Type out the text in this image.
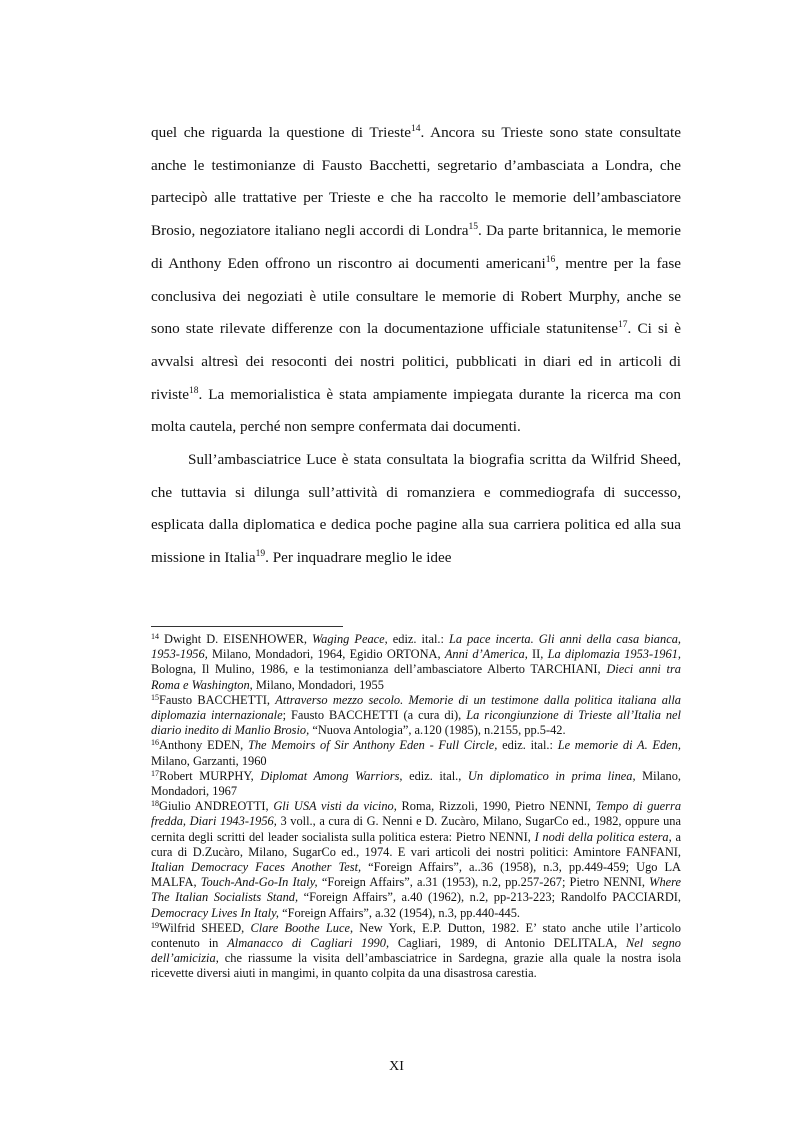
quel che riguarda la questione di Trieste$^{14}$. Ancora su Trieste sono state consultate anche le testimonianze di Fausto Bacchetti, segretario d’ambasciata a Londra, che partecipò alle trattative per Trieste e che ha raccolto le memorie dell’ambasciatore Brosio, negoziatore italiano negli accordi di Londra$^{15}$. Da parte britannica, le memorie di Anthony Eden offrono un riscontro ai documenti americani$^{16}$, mentre per la fase conclusiva dei negoziati è utile consultare le memorie di Robert Murphy, anche se sono state rilevate differenze con la documentazione ufficiale statunitense$^{17}$. Ci si è avvalsi altresì dei resoconti dei nostri politici, pubblicati in diari ed in articoli di riviste$^{18}$. La memorialistica è stata ampiamente impiegata durante la ricerca ma con molta cautela, perché non sempre confermata dai documenti.

Sull’ambasciatrice Luce è stata consultata la biografia scritta da Wilfrid Sheed, che tuttavia si dilunga sull’attività di romanziera e commediografa di successo, esplicata dalla diplomatica e dedica poche pagine alla sua carriera politica ed alla sua missione in Italia$^{19}$. Per inquadrare meglio le idee

$^{14}$ Dwight D. EISENHOWER, Waging Peace, ediz. ital.: La pace incerta. Gli anni della casa bianca, 1953-1956, Milano, Mondadori, 1964, Egidio ORTONA, Anni d’America, II, La diplomazia 1953-1961, Bologna, Il Mulino, 1986, e la testimonianza dell’ambasciatore Alberto TARCHIANI, Dieci anni tra Roma e Washington, Milano, Mondadori, 1955

$^{15}$Fausto BACCHETTI, Attraverso mezzo secolo. Memorie di un testimone dalla politica italiana alla diplomazia internazionale; Fausto BACCHETTI (a cura di), La ricongiunzione di Trieste all’Italia nel diario inedito di Manlio Brosio, “Nuova Antologia”, a.120 (1985), n.2155, pp.5-42.

$^{16}$Anthony EDEN, The Memoirs of Sir Anthony Eden - Full Circle, ediz. ital.: Le memorie di A. Eden, Milano, Garzanti, 1960

$^{17}$Robert MURPHY, Diplomat Among Warriors, ediz. ital., Un diplomatico in prima linea, Milano, Mondadori, 1967

$^{18}$Giulio ANDREOTTI, Gli USA visti da vicino, Roma, Rizzoli, 1990, Pietro NENNI, Tempo di guerra fredda, Diari 1943-1956, 3 voll., a cura di G. Nenni e D. Zucàro, Milano, SugarCo ed., 1982, oppure una cernita degli scritti del leader socialista sulla politica estera: Pietro NENNI, I nodi della politica estera, a cura di D.Zucàro, Milano, SugarCo ed., 1974. E vari articoli dei nostri politici: Amintore FANFANI, Italian Democracy Faces Another Test, “Foreign Affairs”, a..36 (1958), n.3, pp.449-459; Ugo LA MALFA, Touch-And-Go-In Italy, “Foreign Affairs”, a.31 (1953), n.2, pp.257-267; Pietro NENNI, Where The Italian Socialists Stand, “Foreign Affairs”, a.40 (1962), n.2, pp-213-223; Randolfo PACCIARDI, Democracy Lives In Italy, “Foreign Affairs”, a.32 (1954), n.3, pp.440-445.

$^{19}$Wilfrid SHEED, Clare Boothe Luce, New York, E.P. Dutton, 1982. E’ stato anche utile l’articolo contenuto in Almanacco di Cagliari 1990, Cagliari, 1989, di Antonio DELITALA, Nel segno dell’amicizia, che riassume la visita dell’ambasciatrice in Sardegna, grazie alla quale la nostra isola ricevette diversi aiuti in mangimi, in quanto colpita da una disastrosa carestia.

XI
